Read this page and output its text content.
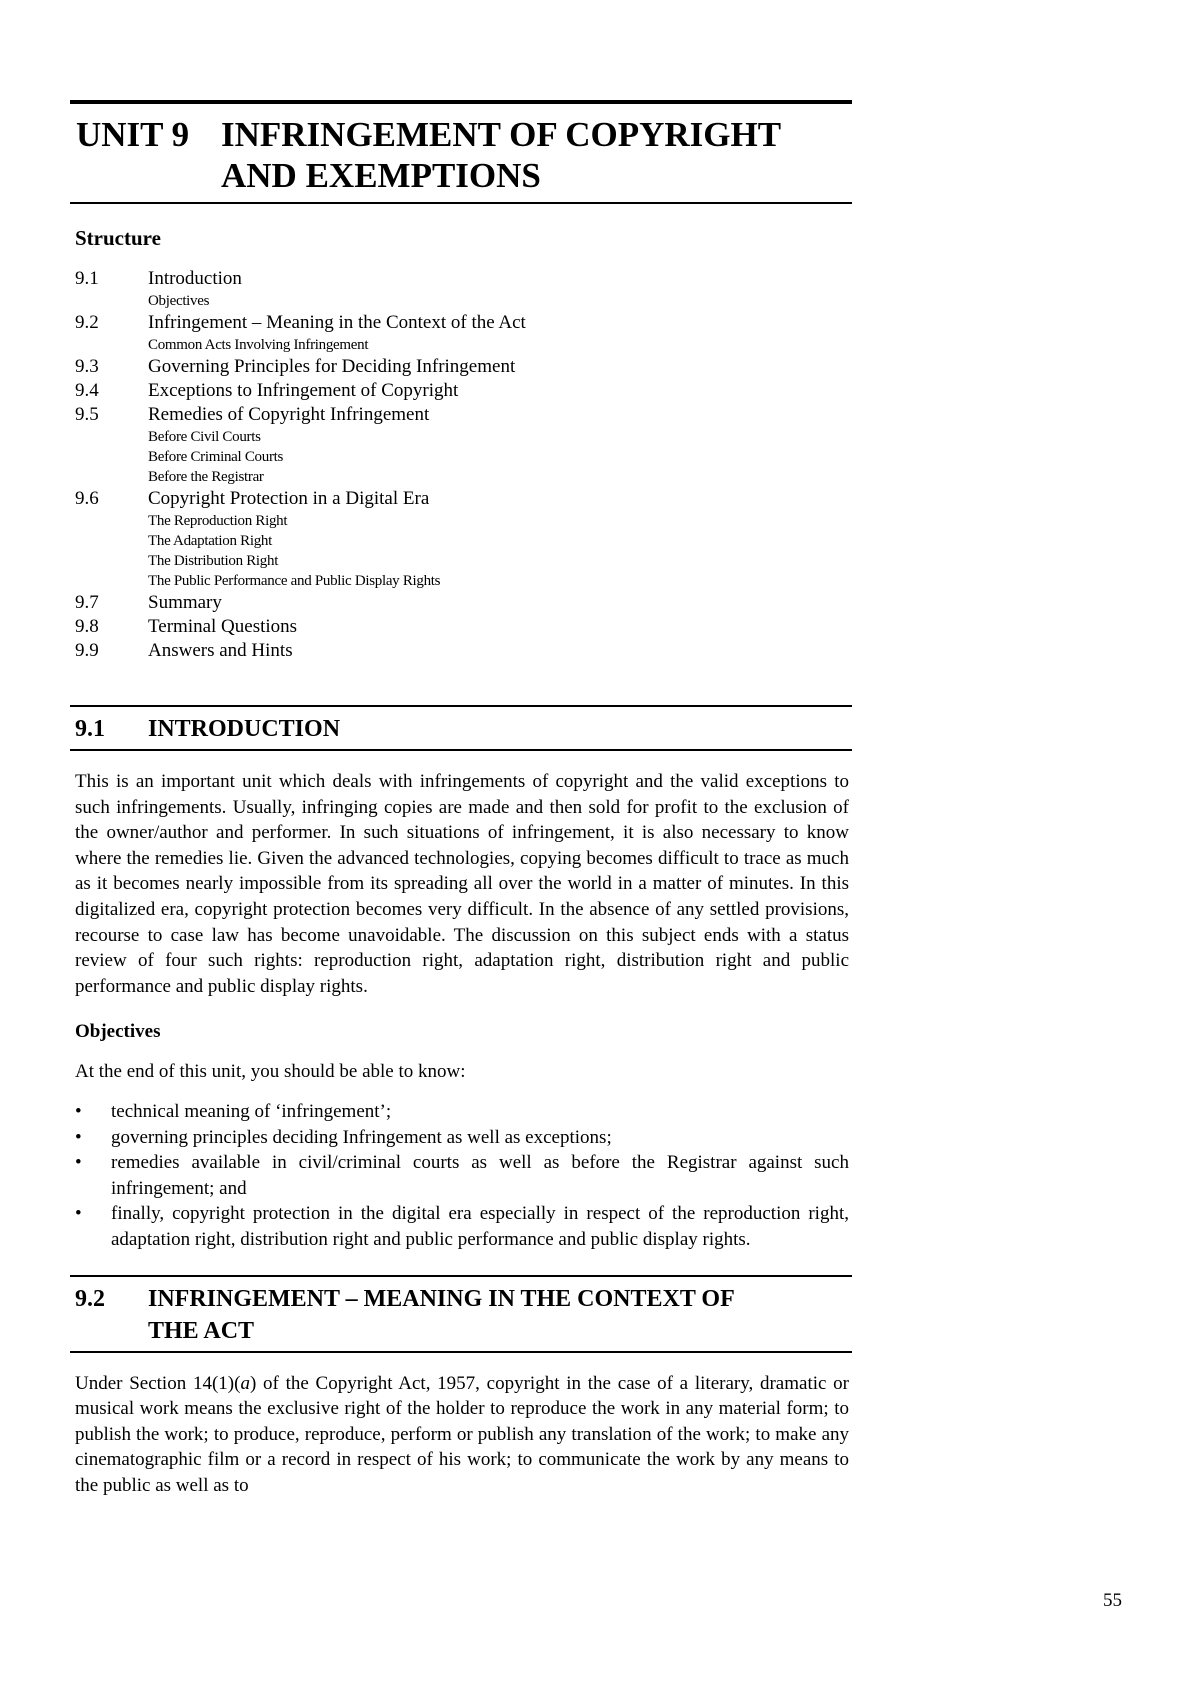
UNIT 9 INFRINGEMENT OF COPYRIGHT
AND EXEMPTIONS
Structure
9.1	Introduction
Objectives
9.2	Infringement – Meaning in the Context of the Act
Common Acts Involving Infringement
9.3	Governing Principles for Deciding Infringement
9.4	Exceptions to Infringement of Copyright
9.5	Remedies of Copyright Infringement
Before Civil Courts
Before Criminal Courts
Before the Registrar
9.6	Copyright Protection in a Digital Era
The Reproduction Right
The Adaptation Right
The Distribution Right
The Public Performance and Public Display Rights
9.7	Summary
9.8	Terminal Questions
9.9	Answers and Hints
9.1	INTRODUCTION
This is an important unit which deals with infringements of copyright and the valid exceptions to such infringements. Usually, infringing copies are made and then sold for profit to the exclusion of the owner/author and performer. In such situations of infringement, it is also necessary to know where the remedies lie. Given the advanced technologies, copying becomes difficult to trace as much as it becomes nearly impossible from its spreading all over the world in a matter of minutes. In this digitalized era, copyright protection becomes very difficult. In the absence of any settled provisions, recourse to case law has become unavoidable. The discussion on this subject ends with a status review of four such rights: reproduction right, adaptation right, distribution right and public performance and public display rights.
Objectives
At the end of this unit, you should be able to know:
• technical meaning of ‘infringement’;
• governing principles deciding Infringement as well as exceptions;
• remedies available in civil/criminal courts as well as before the Registrar against such infringement; and
• finally, copyright protection in the digital era especially in respect of the reproduction right, adaptation right, distribution right and public performance and public display rights.
9.2	INFRINGEMENT – MEANING IN THE CONTEXT OF
THE ACT
Under Section 14(1)(a) of the Copyright Act, 1957, copyright in the case of a literary, dramatic or musical work means the exclusive right of the holder to reproduce the work in any material form; to publish the work; to produce, reproduce, perform or publish any translation of the work; to make any cinematographic film or a record in respect of his work; to communicate the work by any means to the public as well as to
55
